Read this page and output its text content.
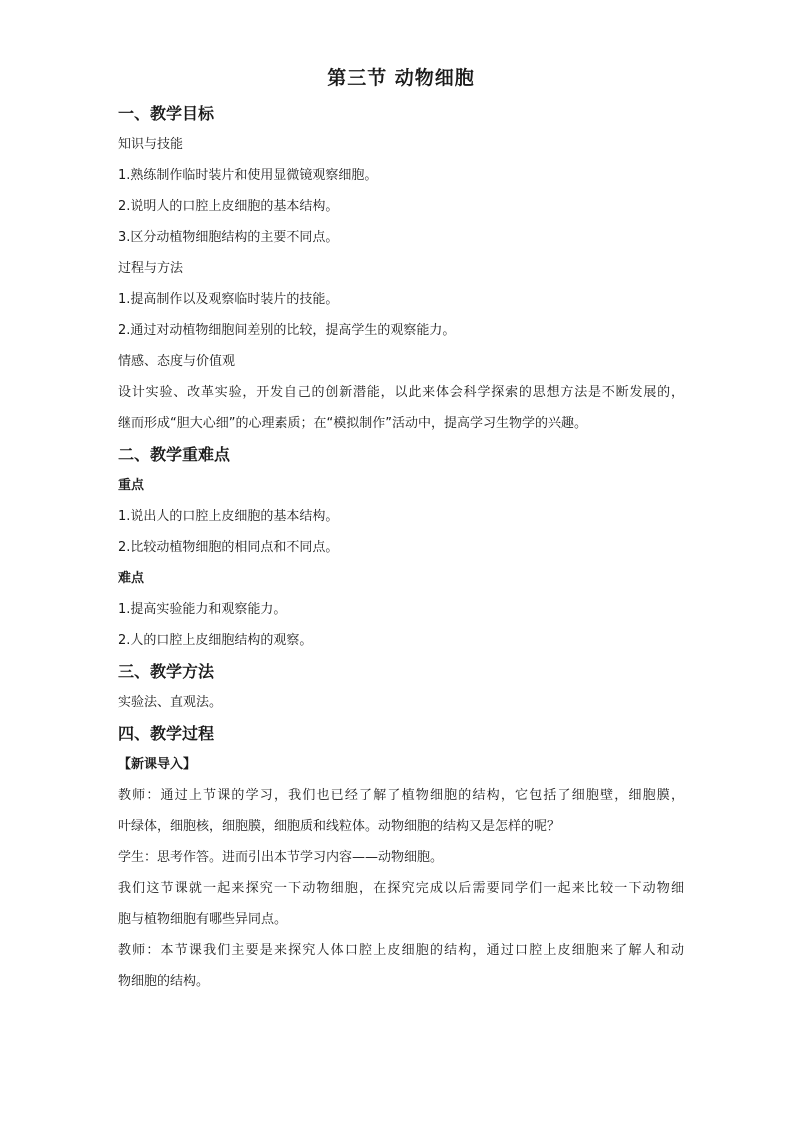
第三节 动物细胞
一、教学目标
知识与技能
1.熟练制作临时装片和使用显微镜观察细胞。
2.说明人的口腔上皮细胞的基本结构。
3.区分动植物细胞结构的主要不同点。
过程与方法
1.提高制作以及观察临时装片的技能。
2.通过对动植物细胞间差别的比较，提高学生的观察能力。
情感、态度与价值观
设计实验、改革实验，开发自己的创新潜能，以此来体会科学探索的思想方法是不断发展的，
继而形成“胆大心细”的心理素质；在“模拟制作”活动中，提高学习生物学的兴趣。
二、教学重难点
重点
1.说出人的口腔上皮细胞的基本结构。
2.比较动植物细胞的相同点和不同点。
难点
1.提高实验能力和观察能力。
2.人的口腔上皮细胞结构的观察。
三、教学方法
实验法、直观法。
四、教学过程
【新课导入】
教师：通过上节课的学习，我们也已经了解了植物细胞的结构，它包括了细胞壁，细胞膜，
叶绿体，细胞核，细胞膜，细胞质和线粒体。动物细胞的结构又是怎样的呢？
学生：思考作答。进而引出本节学习内容——动物细胞。
我们这节课就一起来探究一下动物细胞，在探究完成以后需要同学们一起来比较一下动物细
胞与植物细胞有哪些异同点。
教师：本节课我们主要是来探究人体口腔上皮细胞的结构，通过口腔上皮细胞来了解人和动
物细胞的结构。
